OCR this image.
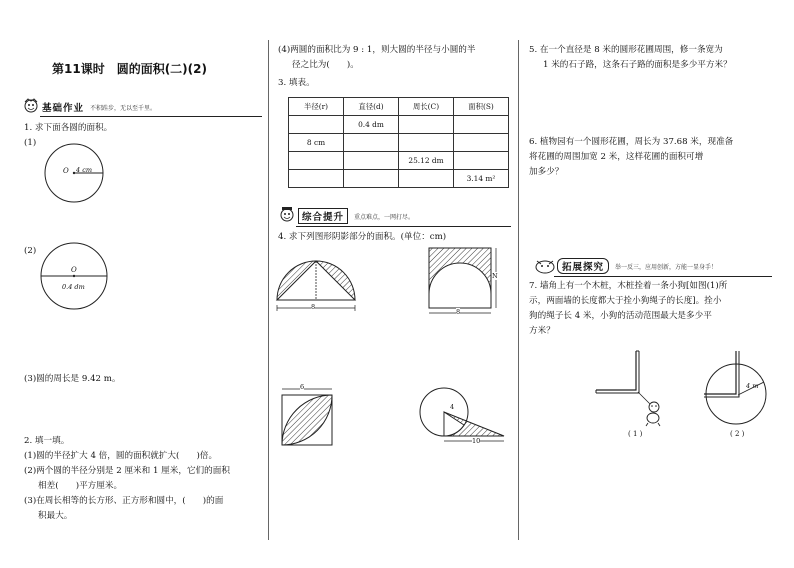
第11课时　圆的面积(二)(2)
基础作业 不积跬步，无以至千里。
1. 求下面各圆的面积。
(1)
O 4 cm
(2)
O
0.4 dm
(3)圆的周长是 9.42 m。
2. 填一填。
(1)圆的半径扩大 4 倍，圆的面积就扩大(　　)倍。
(2)两个圆的半径分别是 2 厘米和 1 厘米，它们的面积
相差(　　)平方厘米。
(3)在周长相等的长方形、正方形和圆中，(　　)的面
积最大。
(4)两圆的面积比为 9 : 1，则大圆的半径与小圆的半
径之比为(　　)。
3. 填表。
半径(r)	直径(d)	周长(C)	面积(S)
	0.4 dm		
8 cm			
		25.12 dm	
			3.14 m²
综合提升	重点难点，一网打尽。
4. 求下列图形阴影部分的面积。(单位：cm)
8
8
N
6
4
10
5. 在一个直径是 8 米的圆形花圃周围，修一条宽为
1 米的石子路，这条石子路的面积是多少平方米？
6. 植物园有一个圆形花圃，周长为 37.68 米，现准备
将花圃的周围加宽 2 米，这样花圃的面积可增
加多少？
拓展探究	举一反三，应用创新，方能一显身手！
7. 墙角上有一个木桩，木桩拴着一条小狗[如图(1)所
示，两面墙的长度都大于拴小狗绳子的长度]。拴小
狗的绳子长 4 米，小狗的活动范围最大是多少平
方米？
( 1 )
4 m
( 2 )
